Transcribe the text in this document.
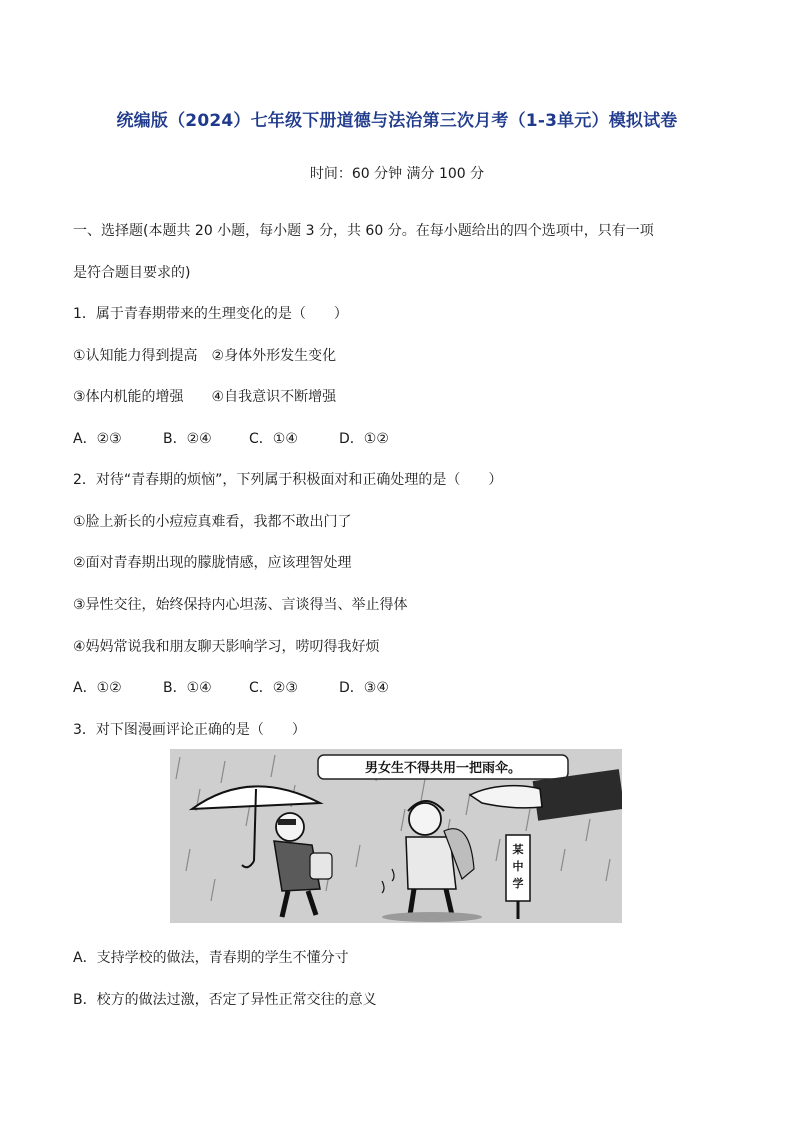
统编版（2024）七年级下册道德与法治第三次月考（1-3单元）模拟试卷
时间：60 分钟 满分 100 分
一、选择题(本题共 20 小题，每小题 3 分，共 60 分。在每小题给出的四个选项中，只有一项
是符合题目要求的)
1．属于青春期带来的生理变化的是（　　）
①认知能力得到提高　②身体外形发生变化
③体内机能的增强　　④自我意识不断增强
A．②③	B．②④	C．①④	D．①②
2．对待“青春期的烦恼”，下列属于积极面对和正确处理的是（　　）
①脸上新长的小痘痘真难看，我都不敢出门了
②面对青春期出现的朦胧情感，应该理智处理
③异性交往，始终保持内心坦荡、言谈得当、举止得体
④妈妈常说我和朋友聊天影响学习，唠叨得我好烦
A．①②	B．①④	C．②③	D．③④
3．对下图漫画评论正确的是（　　）
男女生不得共用一把雨伞。
某
中
学
A．支持学校的做法，青春期的学生不懂分寸
B．校方的做法过激，否定了异性正常交往的意义
